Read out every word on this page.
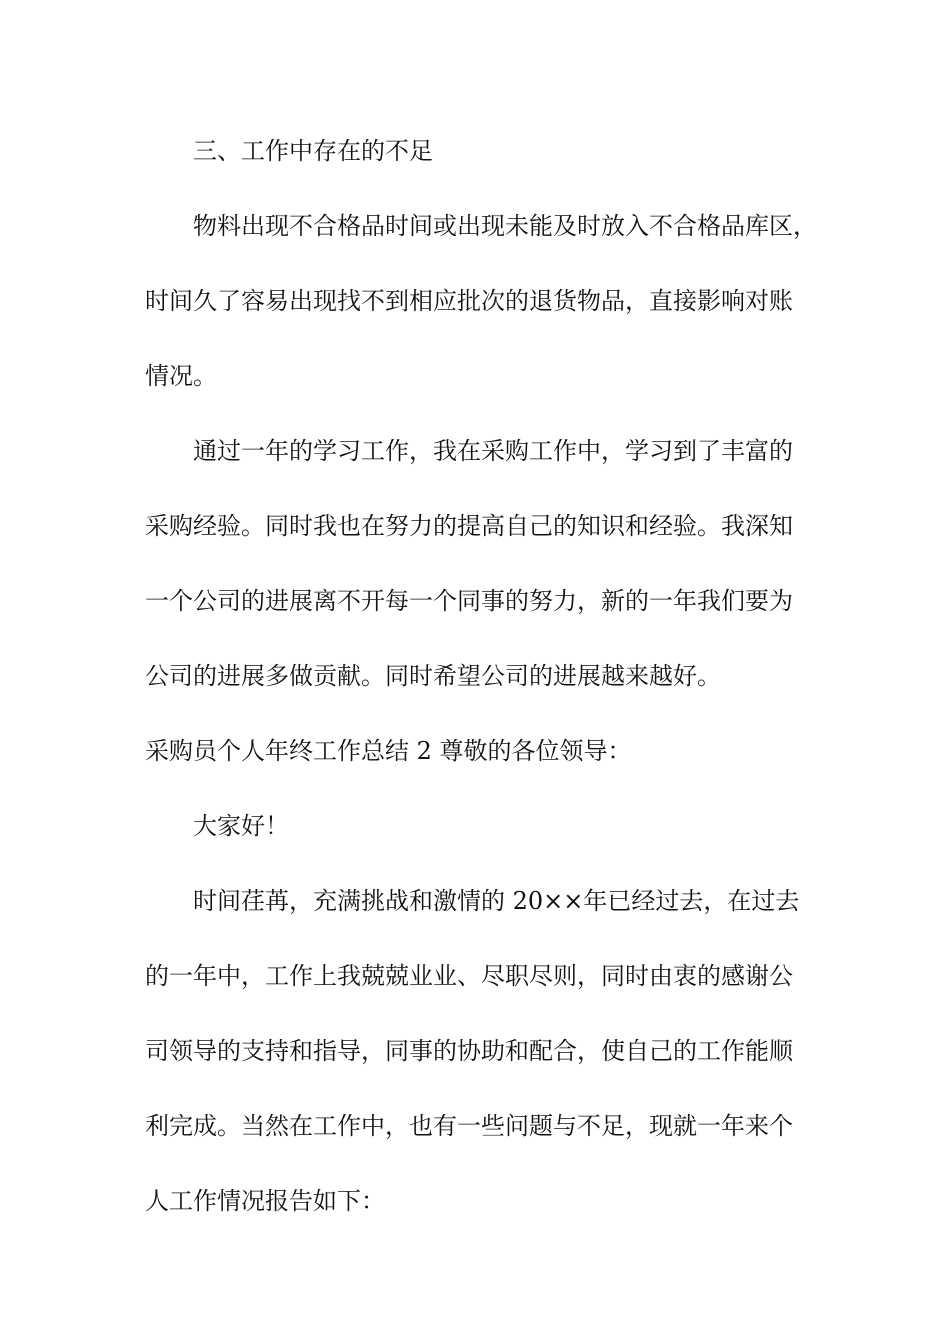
三、工作中存在的不足
物料出现不合格品时间或出现未能及时放入不合格品库区，
时间久了容易出现找不到相应批次的退货物品，直接影响对账
情况。
通过一年的学习工作，我在采购工作中，学习到了丰富的
采购经验。同时我也在努力的提高自己的知识和经验。我深知
一个公司的进展离不开每一个同事的努力，新的一年我们要为
公司的进展多做贡献。同时希望公司的进展越来越好。
采购员个人年终工作总结 2 尊敬的各位领导：
大家好！
时间荏苒，充满挑战和激情的 20××年已经过去，在过去
的一年中，工作上我兢兢业业、尽职尽则，同时由衷的感谢公
司领导的支持和指导，同事的协助和配合，使自己的工作能顺
利完成。当然在工作中，也有一些问题与不足，现就一年来个
人工作情况报告如下：
